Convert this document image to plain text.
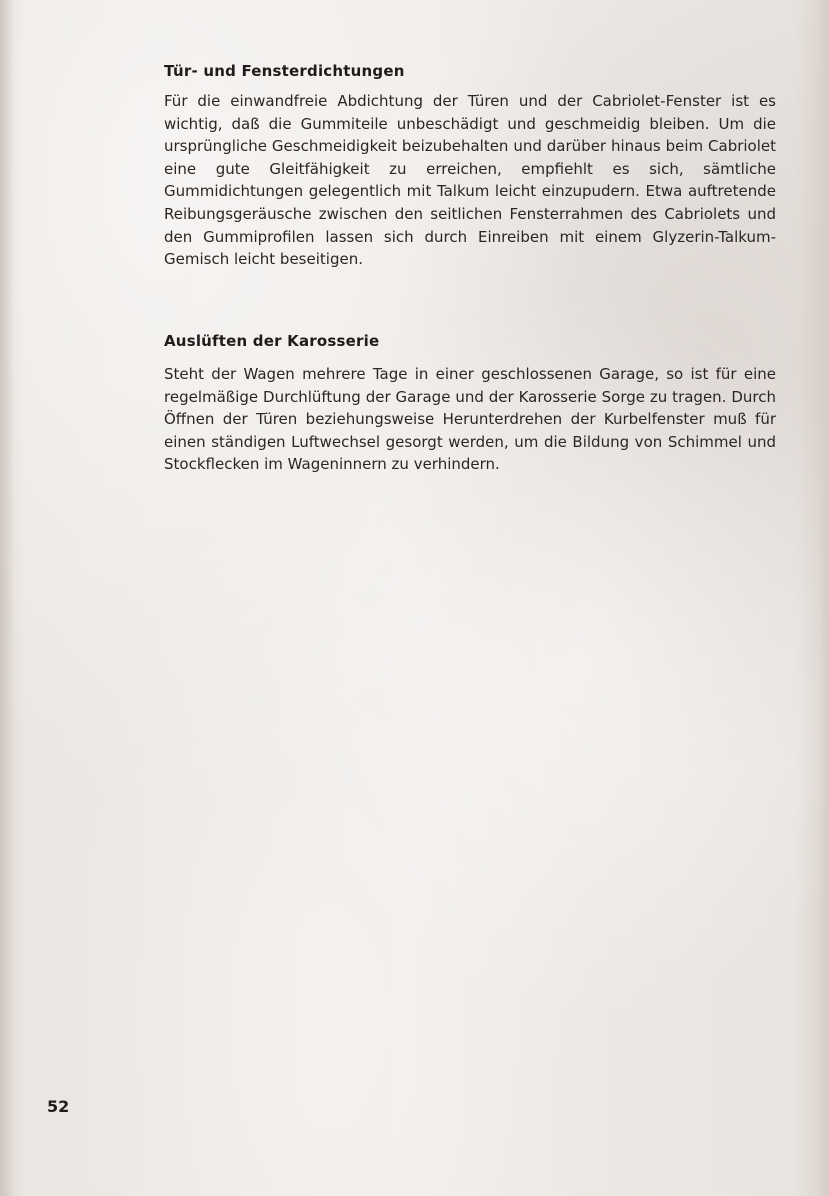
Tür- und Fensterdichtungen

Für die einwandfreie Abdichtung der Türen und der Cabriolet-Fenster ist es wichtig, daß die Gummiteile unbeschädigt und geschmeidig bleiben. Um die ursprüngliche Geschmeidigkeit beizubehalten und darüber hinaus beim Cabriolet eine gute Gleitfähigkeit zu erreichen, empfiehlt es sich, sämtliche Gummidichtungen gelegentlich mit Talkum leicht einzupudern. Etwa auftretende Reibungsgeräusche zwischen den seitlichen Fensterrahmen des Cabriolets und den Gummiprofilen lassen sich durch Einreiben mit einem Glyzerin-Talkum-Gemisch leicht beseitigen.

Auslüften der Karosserie

Steht der Wagen mehrere Tage in einer geschlossenen Garage, so ist für eine regelmäßige Durchlüftung der Garage und der Karosserie Sorge zu tragen. Durch Öffnen der Türen beziehungsweise Herunterdrehen der Kurbelfenster muß für einen ständigen Luftwechsel gesorgt werden, um die Bildung von Schimmel und Stockflecken im Wageninnern zu verhindern.

52
